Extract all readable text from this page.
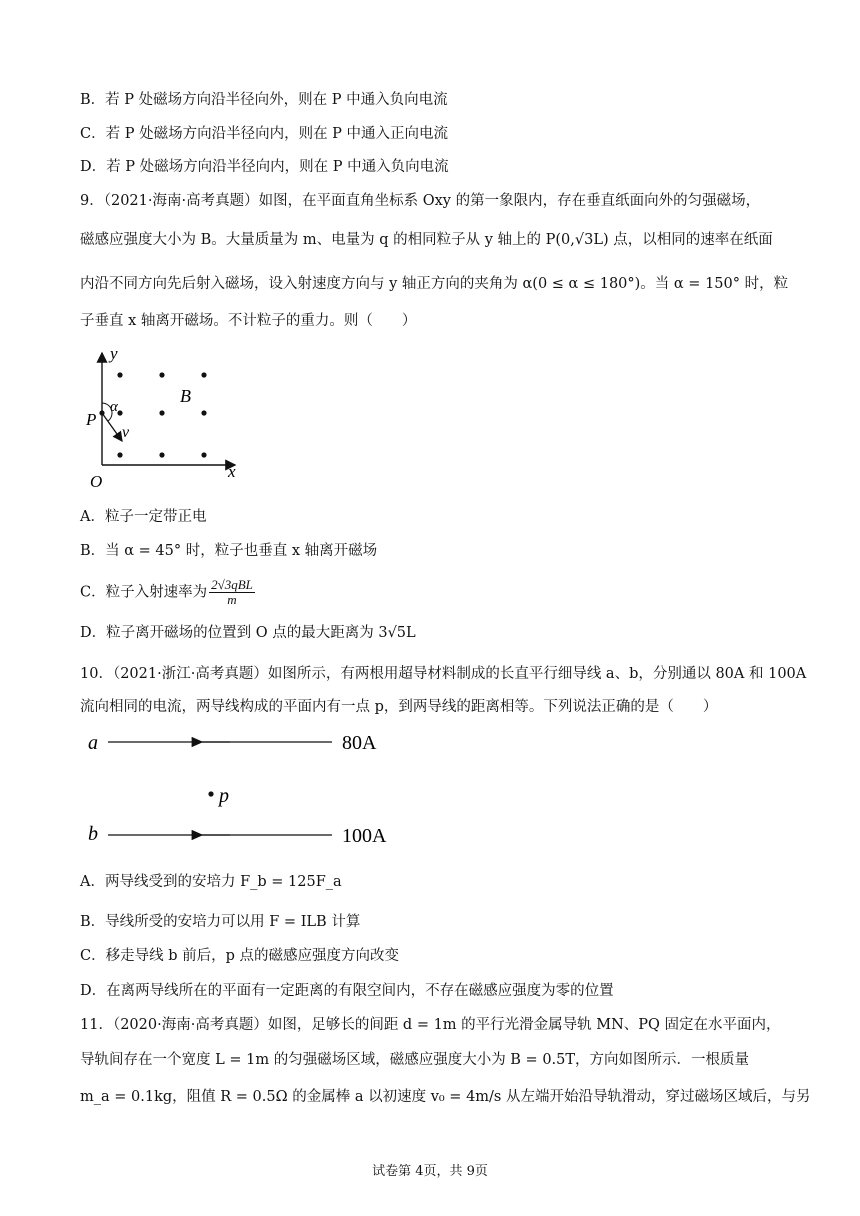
B．若 P 处磁场方向沿半径向外，则在 P 中通入负向电流
C．若 P 处磁场方向沿半径向内，则在 P 中通入正向电流
D．若 P 处磁场方向沿半径向内，则在 P 中通入负向电流
9．（2021·海南·高考真题）如图，在平面直角坐标系 Oxy 的第一象限内，存在垂直纸面向外的匀强磁场，
磁感应强度大小为 B。大量质量为 m、电量为 q 的相同粒子从 y 轴上的 P(0,√3L) 点，以相同的速率在纸面
内沿不同方向先后射入磁场，设入射速度方向与 y 轴正方向的夹角为 α(0 ≤ α ≤ 180°)。当 α = 150° 时，粒
子垂直 x 轴离开磁场。不计粒子的重力。则（　　）
y
x
O
P
B
α
v
A．粒子一定带正电
B．当 α = 45° 时，粒子也垂直 x 轴离开磁场
C．粒子入射速率为 $\frac{\text{2√3qBL}}{m}$
D．粒子离开磁场的位置到 O 点的最大距离为 3√5L
10．（2021·浙江·高考真题）如图所示，有两根用超导材料制成的长直平行细导线 a、b，分别通以 80A 和 100A
流向相同的电流，两导线构成的平面内有一点 p，到两导线的距离相等。下列说法正确的是（　　）
a	80A
p
b	100A
A．两导线受到的安培力 F_b = 125F_a
B．导线所受的安培力可以用 F = ILB 计算
C．移走导线 b 前后，p 点的磁感应强度方向改变
D．在离两导线所在的平面有一定距离的有限空间内，不存在磁感应强度为零的位置
11．（2020·海南·高考真题）如图，足够长的间距 d = 1m 的平行光滑金属导轨 MN、PQ 固定在水平面内，
导轨间存在一个宽度 L = 1m 的匀强磁场区域，磁感应强度大小为 B = 0.5T，方向如图所示．一根质量
m_a = 0.1kg，阻值 R = 0.5Ω 的金属棒 a 以初速度 v₀ = 4m/s 从左端开始沿导轨滑动，穿过磁场区域后，与另
试卷第 4页，共 9页
